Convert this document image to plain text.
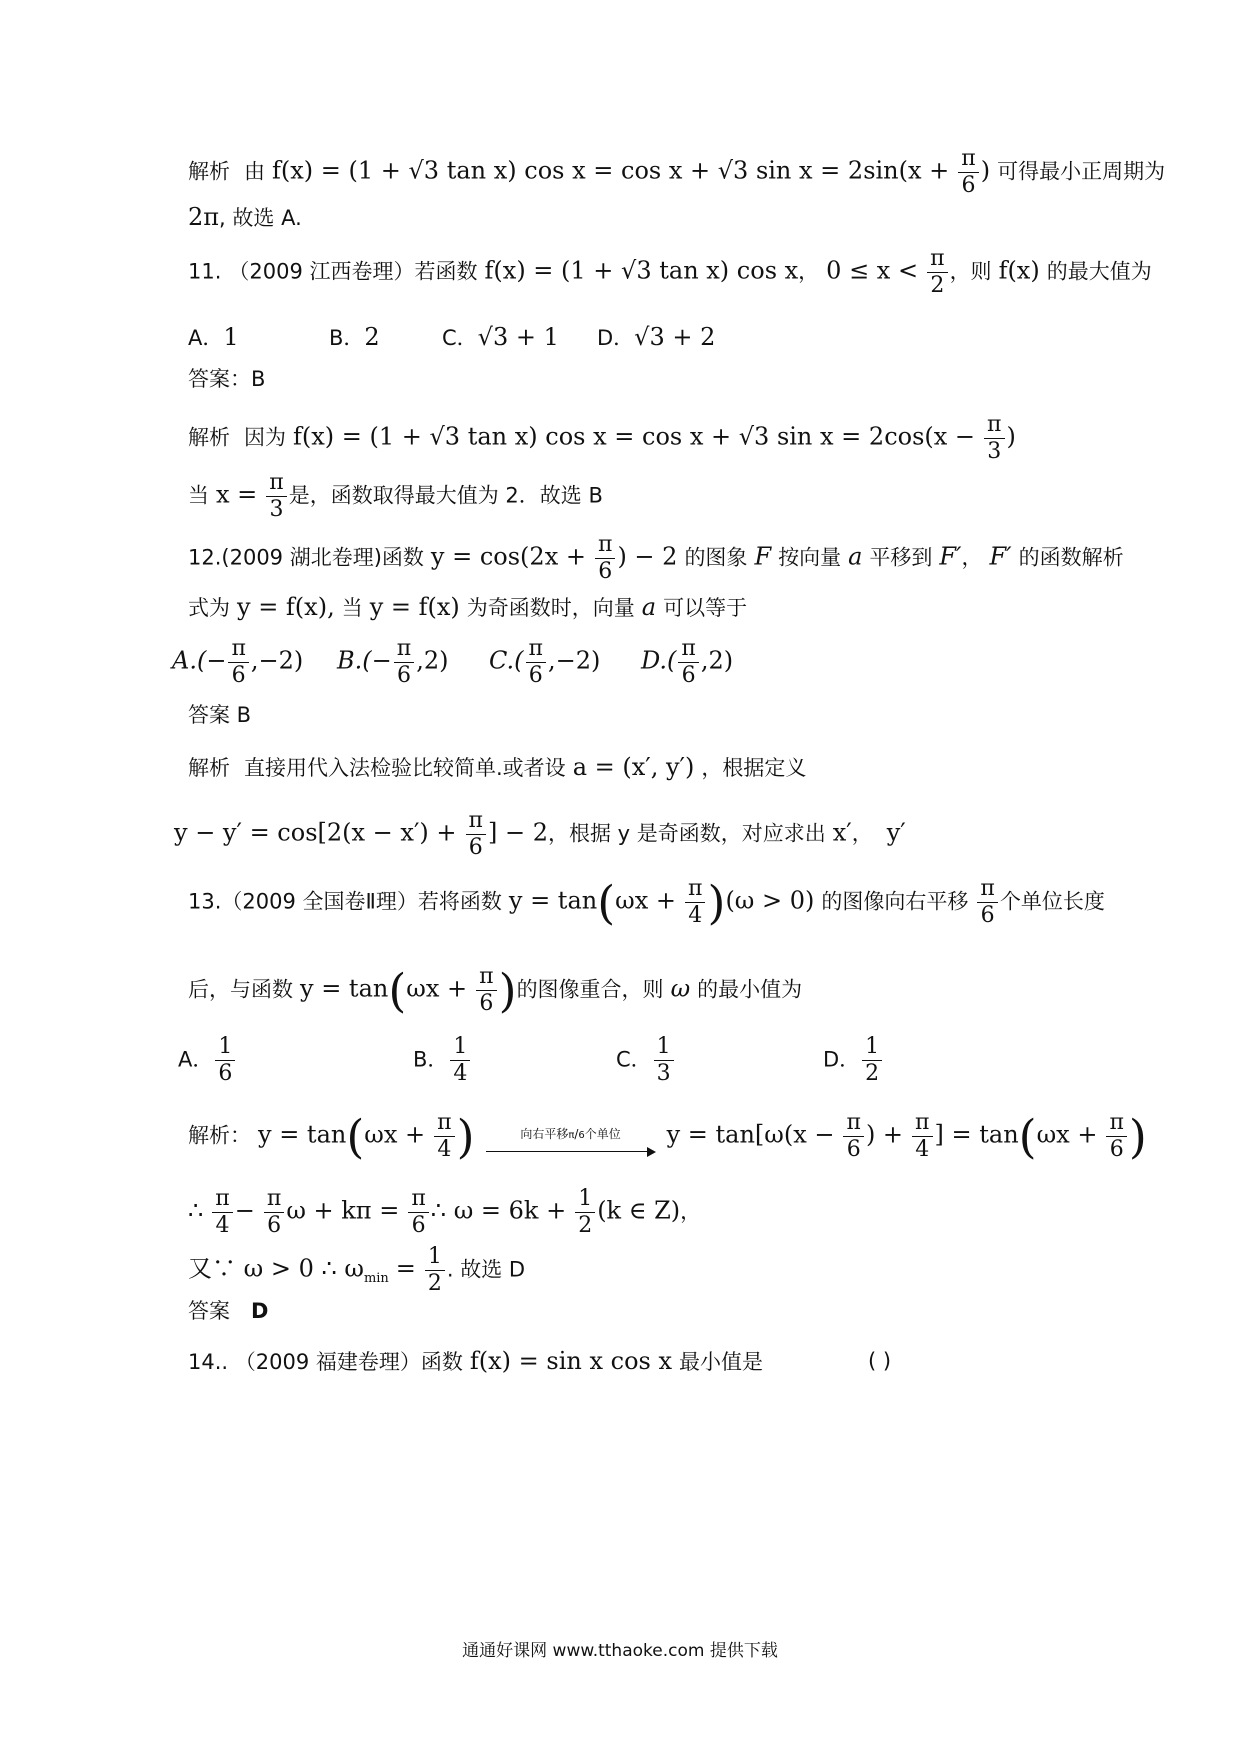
解析 由 f(x) = (1 + √3 tan x) cos x = cos x + √3 $\sin x = 2\sin(x + \frac{\pi}{6}$ ) 可得最小正周期为
2π, 故选 A.
11. （2009 江西卷理）若函数 f(x) = (1 + √3 tan x) cos x， $0 \le x < \frac{\pi}{2}$ ，则 f(x) 的最大值为
A．1	B．2	C．√3 + 1 D．√3 + 2
答案：B
解析 因为 f(x) = (1 + √3 tan x) cos x = cos x + √3 $\sin x = 2\cos(x - \frac{\pi}{3}$ )
当 $x = \frac{\pi}{3}$ 是，函数取得最大值为 2．故选 B
12.(2009 湖北卷理)函数 $y = \cos(2x + \frac{\pi}{6}$ ) − 2 的图象 F 按向量 a 平移到 F′， F′ 的函数解析
式为 y = f(x), 当 y = f(x) 为奇函数时，向量 a 可以等于
$A.(- \frac{\pi}{6} ,-2)$ $B.(- \frac{\pi}{6} ,2)$ $C.( \frac{\pi}{6} ,-2)$ $D.( \frac{\pi}{6} ,2)$
答案 B
解析 直接用代入法检验比较简单.或者设 a = (x′, y′) ，根据定义
$y - y' = \cos[2(x - x') + \frac{\pi}{6}$ ] − 2，根据 y 是奇函数，对应求出 x′， y′
13.（2009 全国卷Ⅱ理）若将函数 $y = \tan(\omega x + \frac{\pi}{4} )(\omega > 0)$ 的图像向右平移 $\frac{\pi}{6}$ 个单位长度
后，与函数 $y = \tan(\omega x + \frac{\pi}{6}$ )的图像重合，则 ω 的最小值为
A． $\frac{1}{6}$	B． $\frac{1}{4}$	C． $\frac{1}{3}$	D． $\frac{1}{2}$
解析： $y = \tan(\omega x + \frac{\pi}{4}$ )	向右平移π/6个单位 $y = \tan[\omega(x - \frac{\pi}{6}$ ) + $\frac{\pi}{4}$ ] = $\tan(\omega x + \frac{\pi}{6}$ )
∴ $\frac{\pi}{4} - \frac{\pi}{6}$ $\omega + k\pi = \frac{\pi}{6}$ ∴ $\omega = 6k + \frac{1}{2} (k$ ∈ Z)，
又∵ ω > 0 ∴ $\omega_{min} = \frac{1}{2}$ . 故选 D
答案 D
14.. （2009 福建卷理）函数 f(x) = sin x cos x 最小值是	( )
通通好课网 www.tthaoke.com 提供下载
